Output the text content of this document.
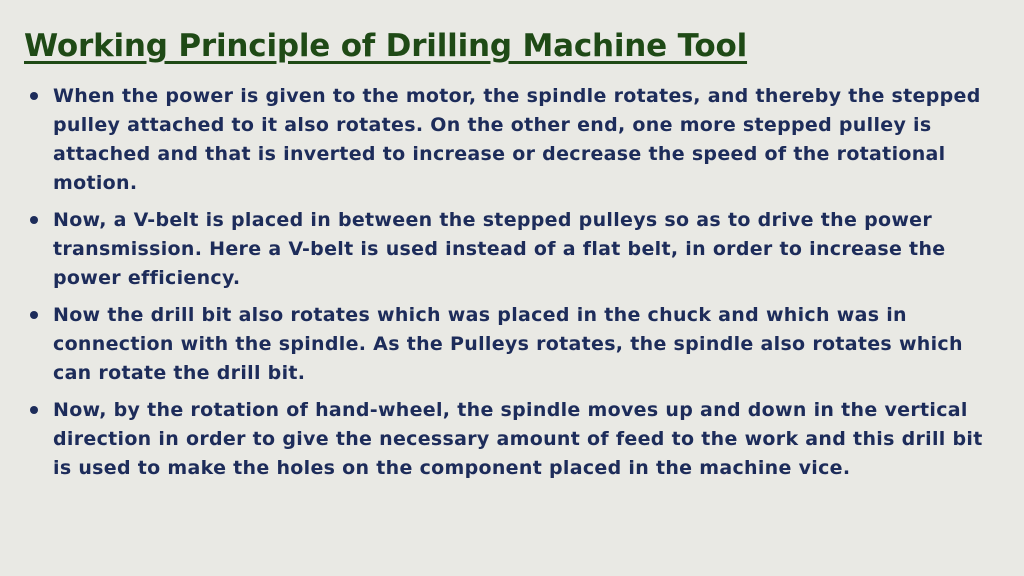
Working Principle of Drilling Machine Tool
When the power is given to the motor, the spindle rotates, and thereby the stepped pulley attached to it also rotates. On the other end, one more stepped pulley is attached and that is inverted to increase or decrease the speed of the rotational motion.
Now, a V-belt is placed in between the stepped pulleys so as to drive the power transmission. Here a V-belt is used instead of a flat belt, in order to increase the power efficiency.
Now the drill bit also rotates which was placed in the chuck and which was in connection with the spindle. As the Pulleys rotates, the spindle also rotates which can rotate the drill bit.
Now, by the rotation of hand-wheel, the spindle moves up and down in the vertical direction in order to give the necessary amount of feed to the work and this drill bit is used to make the holes on the component placed in the machine vice.
